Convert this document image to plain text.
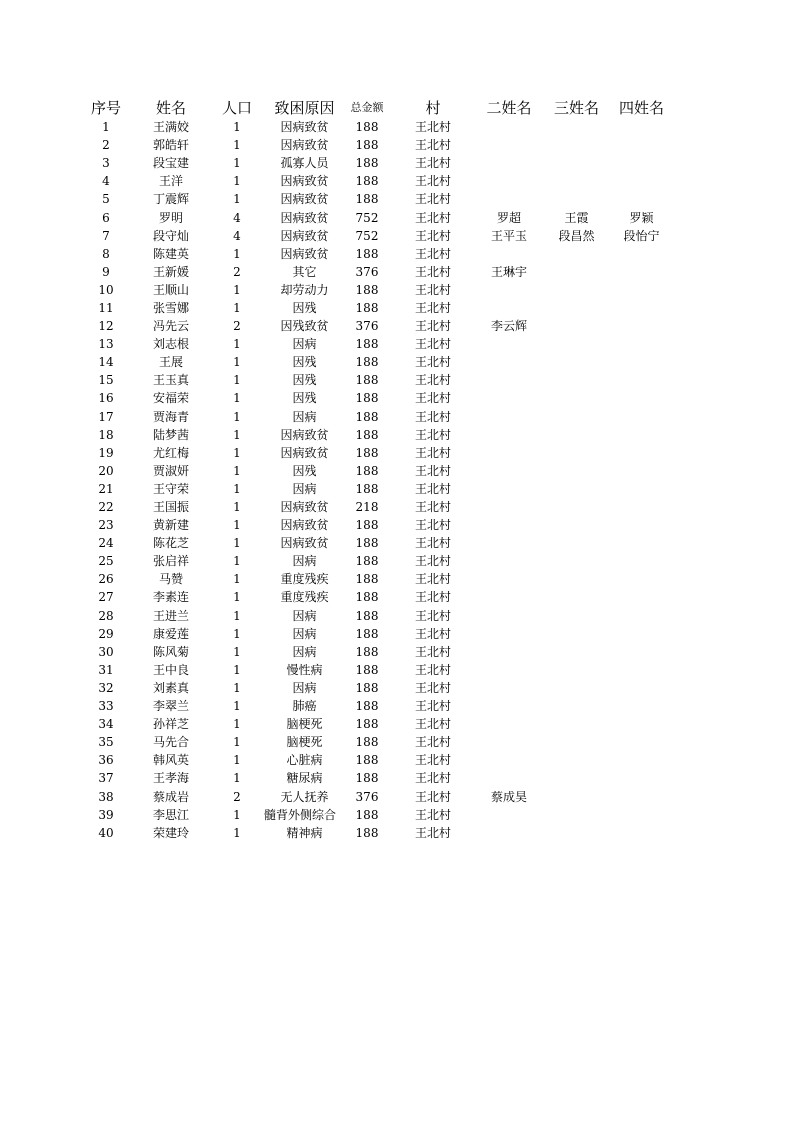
序号	姓名	人口	致困原因	总金额	村	二姓名	三姓名	四姓名
1	王满姣	1	因病致贫	188	王北村			
2	郭皓轩	1	因病致贫	188	王北村			
3	段宝建	1	孤寡人员	188	王北村			
4	王洋	1	因病致贫	188	王北村			
5	丁震辉	1	因病致贫	188	王北村			
6	罗明	4	因病致贫	752	王北村	罗超	王霞	罗颖
7	段守灿	4	因病致贫	752	王北村	王平玉	段昌然	段怡宁
8	陈建英	1	因病致贫	188	王北村			
9	王新媛	2	其它	376	王北村	王琳宇		
10	王顺山	1	却劳动力	188	王北村			
11	张雪娜	1	因残	188	王北村			
12	冯先云	2	因残致贫	376	王北村	李云辉		
13	刘志根	1	因病	188	王北村			
14	王展	1	因残	188	王北村			
15	王玉真	1	因残	188	王北村			
16	安福荣	1	因残	188	王北村			
17	贾海青	1	因病	188	王北村			
18	陆梦茜	1	因病致贫	188	王北村			
19	尤红梅	1	因病致贫	188	王北村			
20	贾淑妍	1	因残	188	王北村			
21	王守荣	1	因病	188	王北村			
22	王国振	1	因病致贫	218	王北村			
23	黄新建	1	因病致贫	188	王北村			
24	陈花芝	1	因病致贫	188	王北村			
25	张启祥	1	因病	188	王北村			
26	马赞	1	重度残疾	188	王北村			
27	李素连	1	重度残疾	188	王北村			
28	王进兰	1	因病	188	王北村			
29	康爱莲	1	因病	188	王北村			
30	陈风菊	1	因病	188	王北村			
31	王中良	1	慢性病	188	王北村			
32	刘素真	1	因病	188	王北村			
33	李翠兰	1	肺癌	188	王北村			
34	孙祥芝	1	脑梗死	188	王北村			
35	马先合	1	脑梗死	188	王北村			
36	韩风英	1	心脏病	188	王北村			
37	王孝海	1	糖尿病	188	王北村			
38	蔡成岩	2	无人抚养	376	王北村	蔡成昊		
39	李思江	1	髓背外侧综合	188	王北村			
40	荣建玲	1	精神病	188	王北村			
